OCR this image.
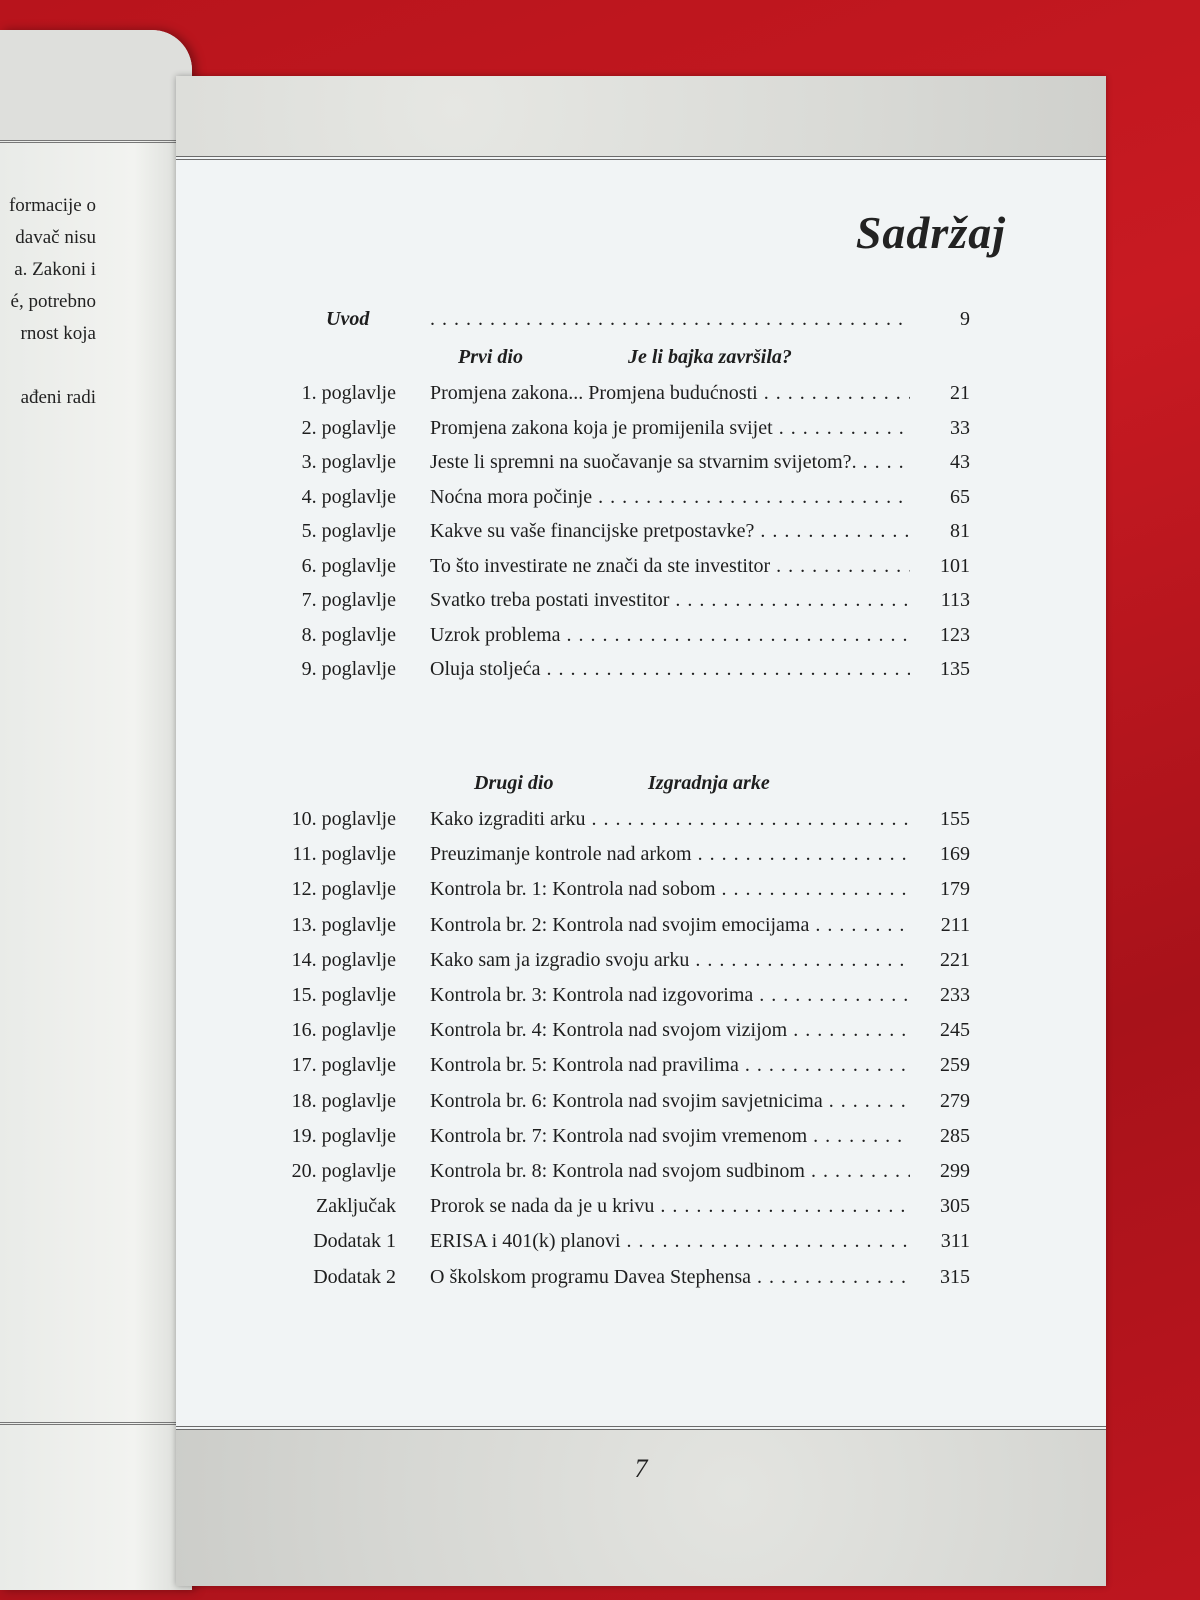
formacije o
davač nisu
a. Zakoni i
é, potrebno
rnost koja
ađeni radi
Sadržaj
Uvod . . .	9
Prvi dio	Je li bajka završila?
1. poglavlje Promjena zakona... Promjena budućnosti . . .	21
2. poglavlje Promjena zakona koja je promijenila svijet . . .	33
3. poglavlje Jeste li spremni na suočavanje sa stvarnim svijetom?. . . .	43
4. poglavlje Noćna mora počinje . . .	65
5. poglavlje Kakve su vaše financijske pretpostavke? . . .	81
6. poglavlje To što investirate ne znači da ste investitor . . .	101
7. poglavlje Svatko treba postati investitor . . .	113
8. poglavlje Uzrok problema . . .	123
9. poglavlje Oluja stoljeća . . .	135
Drugi dio	Izgradnja arke
10. poglavlje Kako izgraditi arku . . .	155
11. poglavlje Preuzimanje kontrole nad arkom . . .	169
12. poglavlje Kontrola br. 1: Kontrola nad sobom . . .	179
13. poglavlje Kontrola br. 2: Kontrola nad svojim emocijama . . .	211
14. poglavlje Kako sam ja izgradio svoju arku . . .	221
15. poglavlje Kontrola br. 3: Kontrola nad izgovorima . . .	233
16. poglavlje Kontrola br. 4: Kontrola nad svojom vizijom . . .	245
17. poglavlje Kontrola br. 5: Kontrola nad pravilima . . .	259
18. poglavlje Kontrola br. 6: Kontrola nad svojim savjetnicima . . .	279
19. poglavlje Kontrola br. 7: Kontrola nad svojim vremenom . . .	285
20. poglavlje Kontrola br. 8: Kontrola nad svojom sudbinom . . .	299
Zaključak Prorok se nada da je u krivu . . .	305
Dodatak 1 ERISA i 401(k) planovi . . .	311
Dodatak 2 O školskom programu Davea Stephensa . . .	315
7
